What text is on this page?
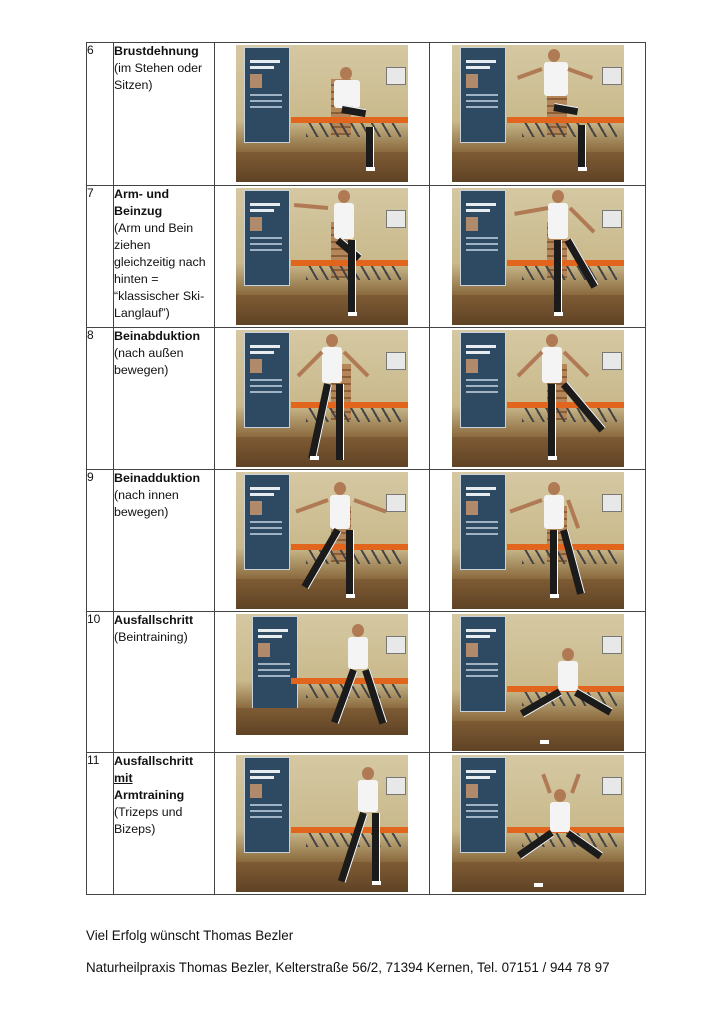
6	Brustdehnung
(im Stehen oder Sitzen)		

7	Arm- und Beinzug
(Arm und Bein ziehen gleichzeitig nach hinten = “klassischer Ski-Langlauf”)		

8	Beinabduktion
(nach außen bewegen)		

9	Beinadduktion
(nach innen bewegen)		

10	Ausfallschritt
(Beintraining)		

11	Ausfallschritt
mit
Armtraining
(Trizeps und Bizeps)		

Viel Erfolg wünscht Thomas Bezler
Naturheilpraxis Thomas Bezler, Kelterstraße 56/2, 71394 Kernen, Tel. 07151 / 944 78 97
